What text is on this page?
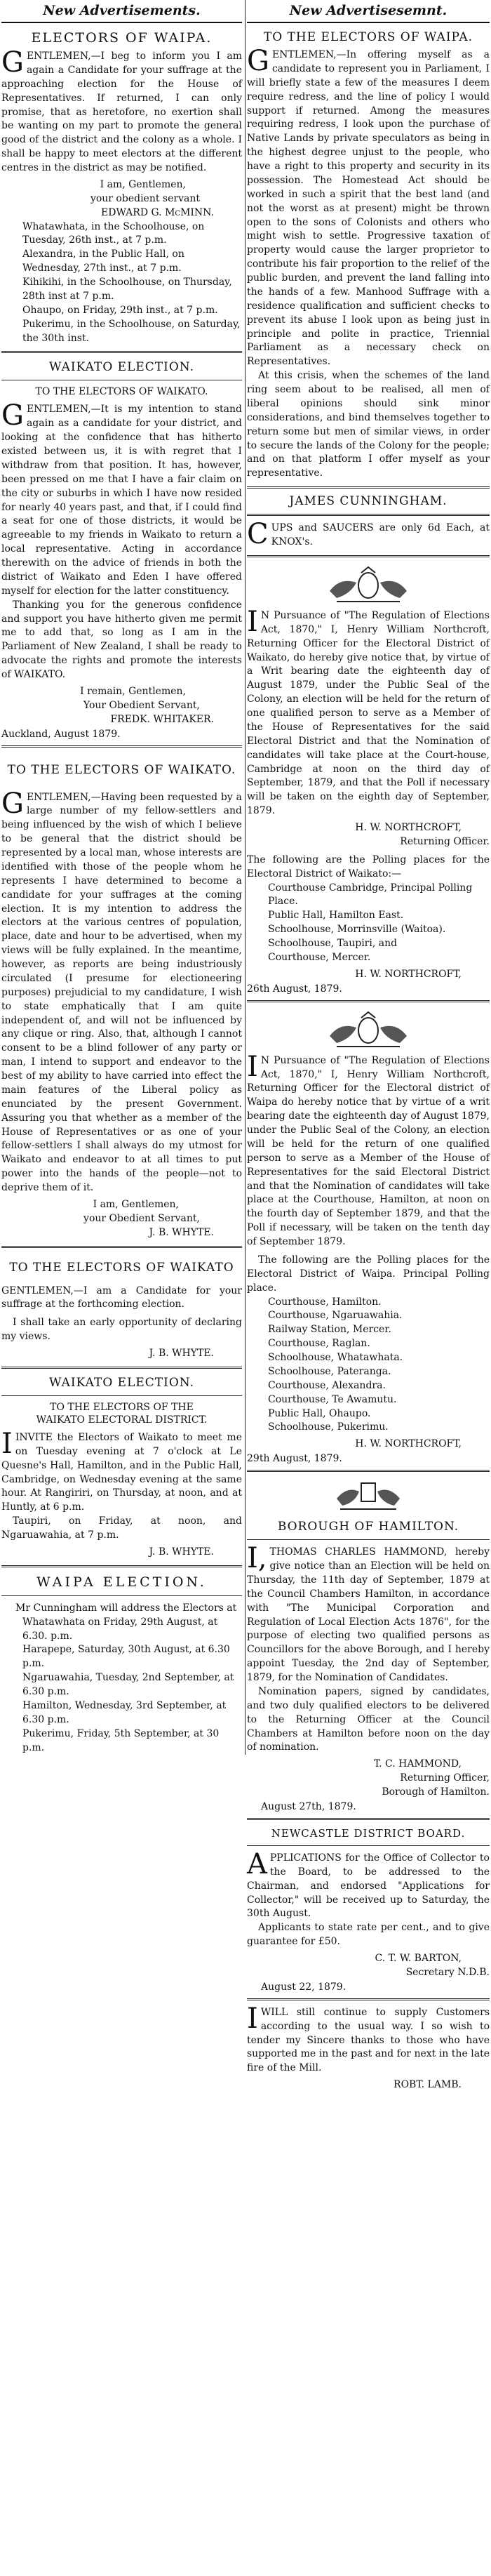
New Advertisements.
ELECTORS OF WAIPA.

GENTLEMEN,—I beg to inform you I am again a Candidate for your suffrage at the approaching election for the House of Representatives. If returned, I can only promise, that as heretofore, no exertion shall be wanting on my part to promote the general good of the district and the colony as a whole. I shall be happy to meet electors at the different centres in the district as may be notified.

I am, Gentlemen,
your obedient servant
EDWARD G. McMINN.

Whatawhata, in the Schoolhouse, on Tuesday, 26th inst., at 7 p.m.

Alexandra, in the Public Hall, on Wednesday, 27th inst., at 7 p.m.

Kihikihi, in the Schoolhouse, on Thursday, 28th inst at 7 p.m.

Ohaupo, on Friday, 29th inst., at 7 p.m.

Pukerimu, in the Schoolhouse, on Saturday, the 30th inst.

WAIKATO ELECTION.
TO THE ELECTORS OF WAIKATO.

GENTLEMEN,—It is my intention to stand again as a candidate for your district, and looking at the confidence that has hitherto existed between us, it is with regret that I withdraw from that position. It has, however, been pressed on me that I have a fair claim on the city or suburbs in which I have now resided for nearly 40 years past, and that, if I could find a seat for one of those districts, it would be agreeable to my friends in Waikato to return a local representative. Acting in accordance therewith on the advice of friends in both the district of Waikato and Eden I have offered myself for election for the latter constituency.

Thanking you for the generous confidence and support you have hitherto given me permit me to add that, so long as I am in the Parliament of New Zealand, I shall be ready to advocate the rights and promote the interests of WAIKATO.

I remain, Gentlemen,
Your Obedient Servant,
FREDK. WHITAKER.
Auckland, August 1879.
TO THE ELECTORS OF WAIKATO.

GENTLEMEN,—Having been requested by a large number of my fellow-settlers and being influenced by the wish of which I believe to be general that the district should be represented by a local man, whose interests are identified with those of the people whom he represents I have determined to become a candidate for your suffrages at the coming election. It is my intention to address the electors at the various centres of population, place, date and hour to be advertised, when my views will be fully explained. In the meantime, however, as reports are being industriously circulated (I presume for electioneering purposes) prejudicial to my candidature, I wish to state emphatically that I am quite independent of, and will not be influenced by any clique or ring. Also, that, although I cannot consent to be a blind follower of any party or man, I intend to support and endeavor to the best of my ability to have carried into effect the main features of the Liberal policy as enunciated by the present Government. Assuring you that whether as a member of the House of Representatives or as one of your fellow-settlers I shall always do my utmost for Waikato and endeavor to at all times to put power into the hands of the people—not to deprive them of it.

I am, Gentlemen,
your Obedient Servant,
J. B. WHYTE.
TO THE ELECTORS OF WAIKATO

GENTLEMEN,—I am a Candidate for your suffrage at the forthcoming election.

I shall take an early opportunity of declaring my views.

J. B. WHYTE.
WAIKATO ELECTION.
TO THE ELECTORS OF THE
WAIKATO ELECTORAL DISTRICT.

IINVITE the Electors of Waikato to meet me on Tuesday evening at 7 o'clock at Le Quesne's Hall, Hamilton, and in the Public Hall, Cambridge, on Wednesday evening at the same hour. At Rangiriri, on Thursday, at noon, and at Huntly, at 6 p.m.

Taupiri, on Friday, at noon, and Ngaruawahia, at 7 p.m.

J. B. WHYTE.
WAIPA ELECTION.

Mr Cunningham will address the Electors at

Whatawhata on Friday, 29th August, at 6.30. p.m.

Harapepe, Saturday, 30th August, at 6.30 p.m.

Ngaruawahia, Tuesday, 2nd September, at 6.30 p.m.

Hamilton, Wednesday, 3rd September, at 6.30 p.m.

Pukerimu, Friday, 5th September, at 30 p.m.

New Advertisesemnt.
TO THE ELECTORS OF WAIPA.

GENTLEMEN,—In offering myself as a candidate to represent you in Parliament, I will briefly state a few of the measures I deem require redress, and the line of policy I would support if returned. Among the measures requiring redress, I look upon the purchase of Native Lands by private speculators as being in the highest degree unjust to the people, who have a right to this property and security in its possession. The Homestead Act should be worked in such a spirit that the best land (and not the worst as at present) might be thrown open to the sons of Colonists and others who might wish to settle. Progressive taxation of property would cause the larger proprietor to contribute his fair proportion to the relief of the public burden, and prevent the land falling into the hands of a few. Manhood Suffrage with a residence qualification and sufficient checks to prevent its abuse I look upon as being just in principle and polite in practice, Triennial Parliament as a necessary check on Representatives.

At this crisis, when the schemes of the land ring seem about to be realised, all men of liberal opinions should sink minor considerations, and bind themselves together to return some but men of similar views, in order to secure the lands of the Colony for the people; and on that platform I offer myself as your representative.

JAMES CUNNINGHAM.

CUPS and SAUCERS are only 6d Each, at KNOX's.

IN Pursuance of "The Regulation of Elections Act, 1870," I, Henry William Northcroft, Returning Officer for the Electoral District of Waikato, do hereby give notice that, by virtue of a Writ bearing date the eighteenth day of August 1879, under the Public Seal of the Colony, an election will be held for the return of one qualified person to serve as a Member of the House of Representatives for the said Electoral District and that the Nomination of candidates will take place at the Court-house, Cambridge at noon on the third day of September, 1879, and that the Poll if necessary will be taken on the eighth day of September, 1879.

H. W. NORTHCROFT,
Returning Officer.

The following are the Polling places for the Electoral District of Waikato:—

Courthouse Cambridge, Principal Polling Place.

Public Hall, Hamilton East.

Schoolhouse, Morrinsville (Waitoa).

Schoolhouse, Taupiri, and

Courthouse, Mercer.

H. W. NORTHCROFT,
26th August, 1879.

IN Pursuance of "The Regulation of Elections Act, 1870," I, Henry William Northcroft, Returning Officer for the Electoral district of Waipa do hereby notice that by virtue of a writ bearing date the eighteenth day of August 1879, under the Public Seal of the Colony, an election will be held for the return of one qualified person to serve as a Member of the House of Representatives for the said Electoral District and that the Nomination of candidates will take place at the Courthouse, Hamilton, at noon on the fourth day of September 1879, and that the Poll if necessary, will be taken on the tenth day of September 1879.

The following are the Polling places for the Electoral District of Waipa. Principal Polling place.

Courthouse, Hamilton.

Courthouse, Ngaruawahia.

Railway Station, Mercer.

Courthouse, Raglan.

Schoolhouse, Whatawhata.

Schoolhouse, Pateranga.

Courthouse, Alexandra.

Courthouse, Te Awamutu.

Public Hall, Ohaupo.

Schoolhouse, Pukerimu.

H. W. NORTHCROFT,
29th August, 1879.
BOROUGH OF HAMILTON.

I,THOMAS CHARLES HAMMOND, hereby give notice than an Election will be held on Thursday, the 11th day of September, 1879 at the Council Chambers Hamilton, in accordance with "The Municipal Corporation and Regulation of Local Election Acts 1876", for the purpose of electing two qualified persons as Councillors for the above Borough, and I hereby appoint Tuesday, the 2nd day of September, 1879, for the Nomination of Candidates.

Nomination papers, signed by candidates, and two duly qualified electors to be delivered to the Returning Officer at the Council Chambers at Hamilton before noon on the day of nomination.

T. C. HAMMOND,
Returning Officer,
Borough of Hamilton.
August 27th, 1879.
NEWCASTLE DISTRICT BOARD.

APPLICATIONS for the Office of Collector to the Board, to be addressed to the Chairman, and endorsed "Applications for Collector," will be received up to Saturday, the 30th August.

Applicants to state rate per cent., and to give guarantee for £50.

C. T. W. BARTON,
Secretary N.D.B.
August 22, 1879.

IWILL still continue to supply Customers according to the usual way. I so wish to tender my Sincere thanks to those who have supported me in the past and for next in the late fire of the Mill.

ROBT. LAMB.
